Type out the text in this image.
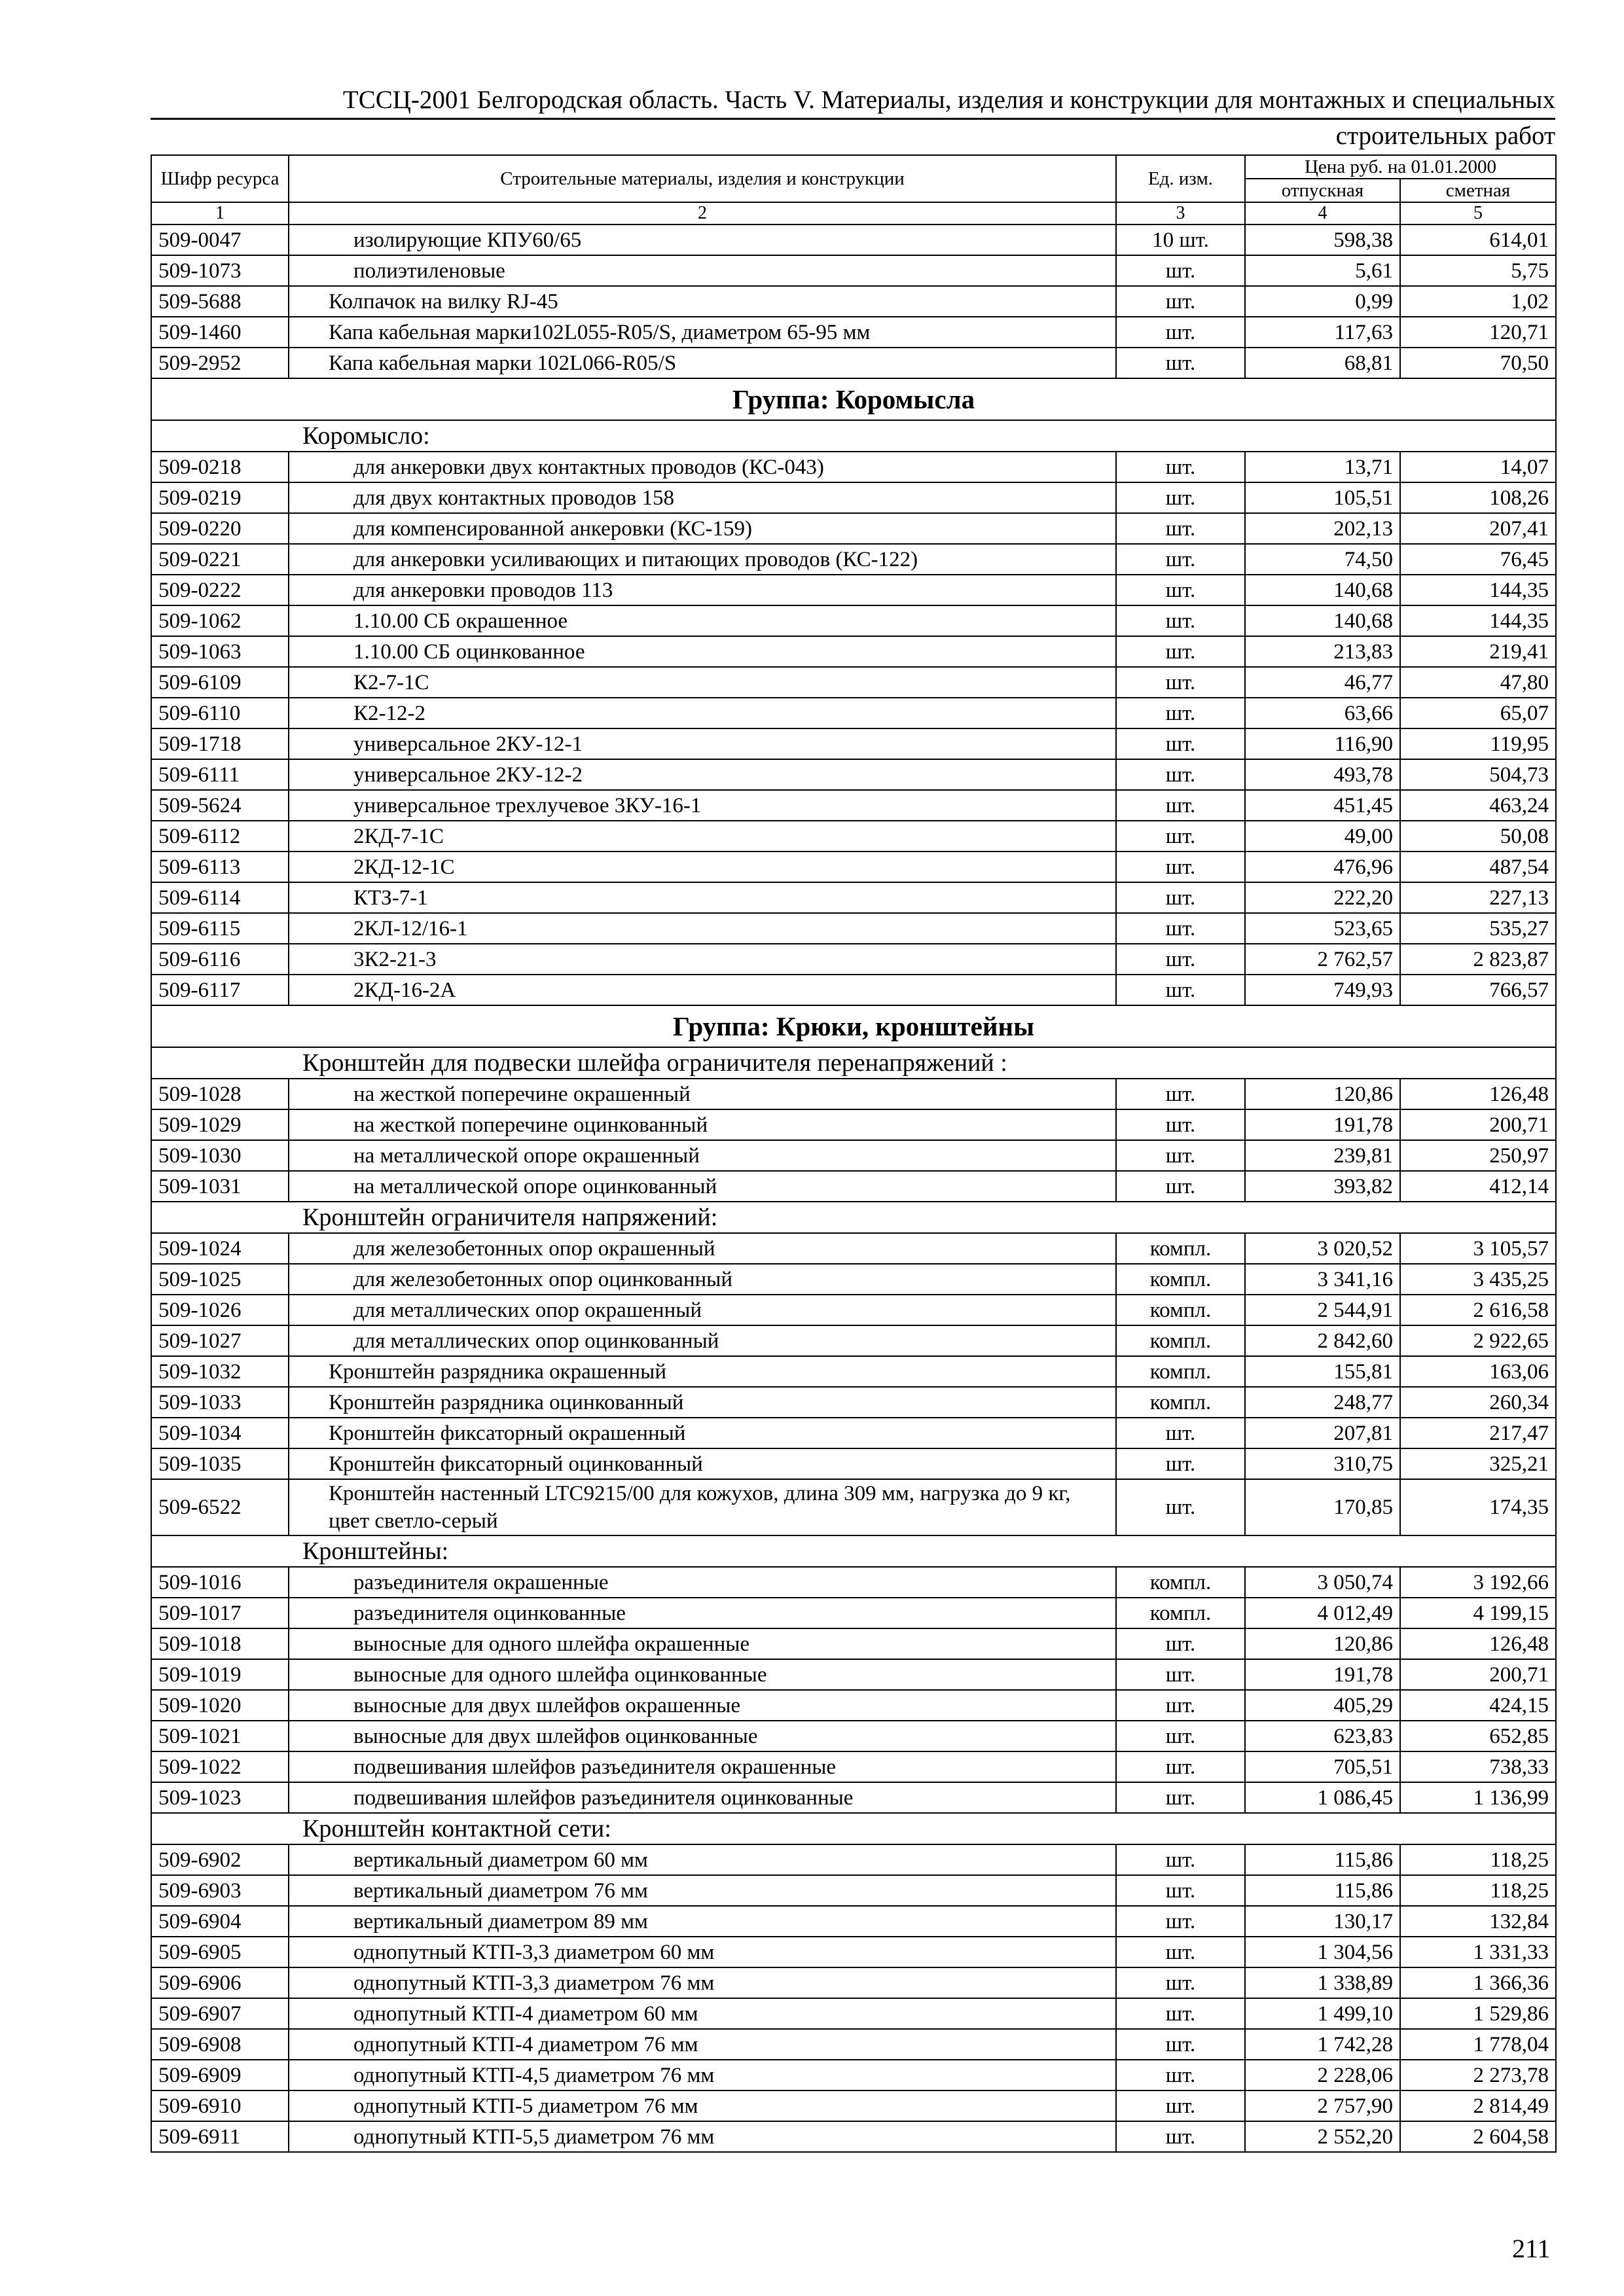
ТССЦ-2001 Белгородская область. Часть V. Материалы, изделия и конструкции для монтажных и специальных
строительных работ
Шифр ресурса	Строительные материалы, изделия и конструкции	Ед. изм.	Цена руб. на 01.01.2000	
			отпускная	сметная
1	2	3	4	5
509-0047	изолирующие КПУ60/65	10 шт.	598,38	614,01
509-1073	полиэтиленовые	шт.	5,61	5,75
509-5688	Колпачок на вилку RJ-45	шт.	0,99	1,02
509-1460	Капа кабельная марки102L055-R05/S, диаметром 65-95 мм	шт.	117,63	120,71
509-2952	Капа кабельная марки 102L066-R05/S	шт.	68,81	70,50
Группа: Коромысла				
Коромысло:				
509-0218	для анкеровки двух контактных проводов (КС-043)	шт.	13,71	14,07
509-0219	для двух контактных проводов 158	шт.	105,51	108,26
509-0220	для компенсированной анкеровки (КС-159)	шт.	202,13	207,41
509-0221	для анкеровки усиливающих и питающих проводов (КС-122)	шт.	74,50	76,45
509-0222	для анкеровки проводов 113	шт.	140,68	144,35
509-1062	1.10.00 СБ окрашенное	шт.	140,68	144,35
509-1063	1.10.00 СБ оцинкованное	шт.	213,83	219,41
509-6109	К2-7-1С	шт.	46,77	47,80
509-6110	К2-12-2	шт.	63,66	65,07
509-1718	универсальное 2КУ-12-1	шт.	116,90	119,95
509-6111	универсальное 2КУ-12-2	шт.	493,78	504,73
509-5624	универсальное трехлучевое 3КУ-16-1	шт.	451,45	463,24
509-6112	2КД-7-1С	шт.	49,00	50,08
509-6113	2КД-12-1С	шт.	476,96	487,54
509-6114	КТЗ-7-1	шт.	222,20	227,13
509-6115	2КЛ-12/16-1	шт.	523,65	535,27
509-6116	3К2-21-3	шт.	2 762,57	2 823,87
509-6117	2КД-16-2А	шт.	749,93	766,57
Группа: Крюки, кронштейны				
Кронштейн для подвески шлейфа ограничителя перенапряжений :				
509-1028	на жесткой поперечине окрашенный	шт.	120,86	126,48
509-1029	на жесткой поперечине оцинкованный	шт.	191,78	200,71
509-1030	на металлической опоре окрашенный	шт.	239,81	250,97
509-1031	на металлической опоре оцинкованный	шт.	393,82	412,14
Кронштейн ограничителя напряжений:				
509-1024	для железобетонных опор окрашенный	компл.	3 020,52	3 105,57
509-1025	для железобетонных опор оцинкованный	компл.	3 341,16	3 435,25
509-1026	для металлических опор окрашенный	компл.	2 544,91	2 616,58
509-1027	для металлических опор оцинкованный	компл.	2 842,60	2 922,65
509-1032	Кронштейн разрядника окрашенный	компл.	155,81	163,06
509-1033	Кронштейн разрядника оцинкованный	компл.	248,77	260,34
509-1034	Кронштейн фиксаторный окрашенный	шт.	207,81	217,47
509-1035	Кронштейн фиксаторный оцинкованный	шт.	310,75	325,21
509-6522	Кронштейн настенный LTC9215/00 для кожухов, длина 309 мм, нагрузка до 9 кг, цвет светло-серый	шт.	170,85	174,35
Кронштейны:				
509-1016	разъединителя окрашенные	компл.	3 050,74	3 192,66
509-1017	разъединителя оцинкованные	компл.	4 012,49	4 199,15
509-1018	выносные для одного шлейфа окрашенные	шт.	120,86	126,48
509-1019	выносные для одного шлейфа оцинкованные	шт.	191,78	200,71
509-1020	выносные для двух шлейфов окрашенные	шт.	405,29	424,15
509-1021	выносные для двух шлейфов оцинкованные	шт.	623,83	652,85
509-1022	подвешивания шлейфов разъединителя окрашенные	шт.	705,51	738,33
509-1023	подвешивания шлейфов разъединителя оцинкованные	шт.	1 086,45	1 136,99
Кронштейн контактной сети:				
509-6902	вертикальный диаметром 60 мм	шт.	115,86	118,25
509-6903	вертикальный диаметром 76 мм	шт.	115,86	118,25
509-6904	вертикальный диаметром 89 мм	шт.	130,17	132,84
509-6905	однопутный КТП-3,3 диаметром 60 мм	шт.	1 304,56	1 331,33
509-6906	однопутный КТП-3,3 диаметром 76 мм	шт.	1 338,89	1 366,36
509-6907	однопутный КТП-4 диаметром 60 мм	шт.	1 499,10	1 529,86
509-6908	однопутный КТП-4 диаметром 76 мм	шт.	1 742,28	1 778,04
509-6909	однопутный КТП-4,5 диаметром 76 мм	шт.	2 228,06	2 273,78
509-6910	однопутный КТП-5 диаметром 76 мм	шт.	2 757,90	2 814,49
509-6911	однопутный КТП-5,5 диаметром 76 мм	шт.	2 552,20	2 604,58
211
